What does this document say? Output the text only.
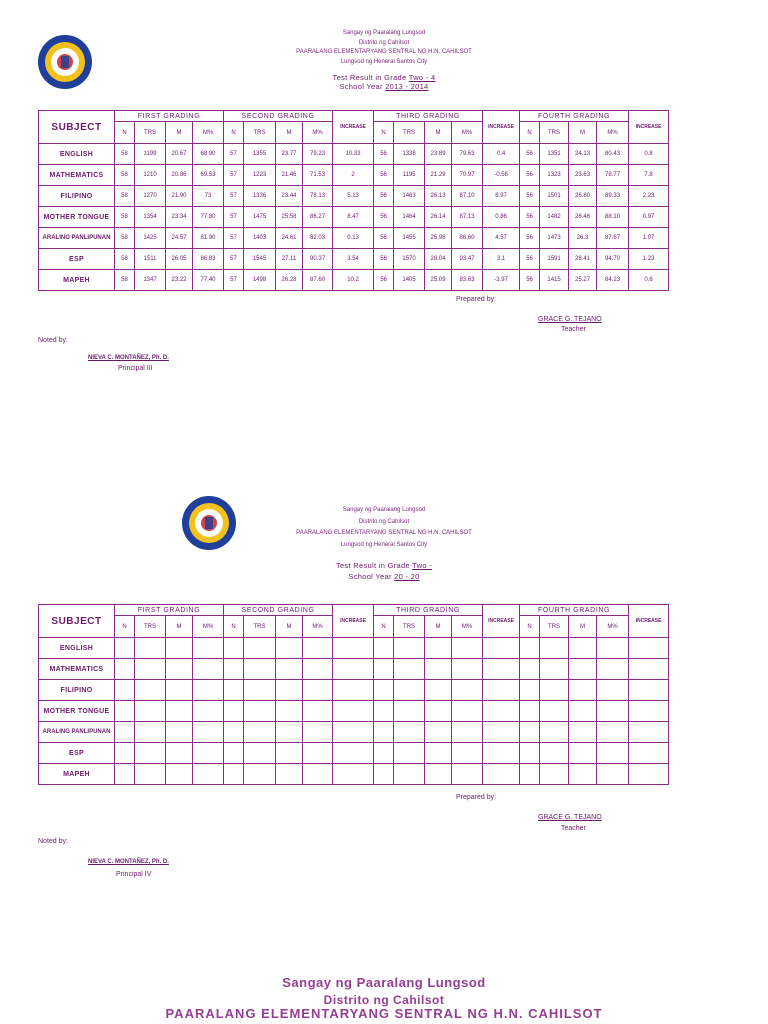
Sangay ng Paaralang Lungsod
Distrito ng Cahilsot
PAARALANG ELEMENTARYANG SENTRAL NG H.N. CAHILSOT
Lungsod ng Heneral Santos City
Test Result in Grade Two - 4
School Year 2013 - 2014
SUBJECT	FIRST GRADING				SECOND GRADING				INCREASE	THIRD GRADING				INCREASE	FOURTH GRADING				INCREASE
	N	TRS	M	M%	N	TRS	M	M%		N	TRS	M	M%		N	TRS	M	M%	
ENGLISH	58	1199	20.67	68.90	57	1355	23.77	79.23	10.33	56	1338	23.89	79.63	0.4	56	1351	24.13	80.43	0.8
MATHEMATICS	58	1210	20.86	69.53	57	1223	21.46	71.53	2	56	1195	21.29	70.97	-0.56	56	1323	23.63	78.77	7.8
FILIPINO	58	1270	21.90	73	57	1336	23.44	78.13	5.13	56	1463	26.13	87.10	8.97	56	1501	26.80	89.33	2.23
MOTHER TONGUE	58	1354	23.34	77.80	57	1475	25.58	86.27	8.47	56	1464	26.14	87.13	0.86	56	1482	26.46	88.10	0.97
ARALING PANLIPUNAN	58	1425	24.57	81.90	57	1403	24.61	82.03	0.13	56	1455	25.98	86.60	4.57	56	1473	26.3	87.67	1.07
ESP	58	1511	26.05	86.83	57	1545	27.11	90.37	3.54	56	1570	28.04	93.47	3.1	56	1591	28.41	94.70	1.23
MAPEH	58	1347	23.22	77.40	57	1498	26.28	87.60	10.2	56	1405	25.09	83.63	-3.97	56	1415	25.27	84.23	0.6
Prepared by:
GRACE G. TEJANO
Teacher
Noted by:
NIEVA C. MONTAÑEZ, Ph. D.
Principal III
Sangay ng Paaralang Lungsod
Distrito ng Cahilsot
PAARALANG ELEMENTARYANG SENTRAL NG H.N. CAHILSOT
Lungsod ng Heneral Santos City
Test Result in Grade Two -
School Year 20 - 20
SUBJECT	FIRST GRADING				SECOND GRADING				INCREASE	THIRD GRADING				INCREASE	FOURTH GRADING				INCREASE
	N	TRS	M	M%	N	TRS	M	M%		N	TRS	M	M%		N	TRS	M	M%	
ENGLISH																			
MATHEMATICS																			
FILIPINO																			
MOTHER TONGUE																			
ARALING PANLIPUNAN																			
ESP																			
MAPEH																			
Prepared by:
GRACE G. TEJANO
Teacher
Noted by:
NIEVA C. MONTAÑEZ, Ph. D.
Principal IV
Sangay ng Paaralang Lungsod
Distrito ng Cahilsot
PAARALANG ELEMENTARYANG SENTRAL NG H.N. CAHILSOT
